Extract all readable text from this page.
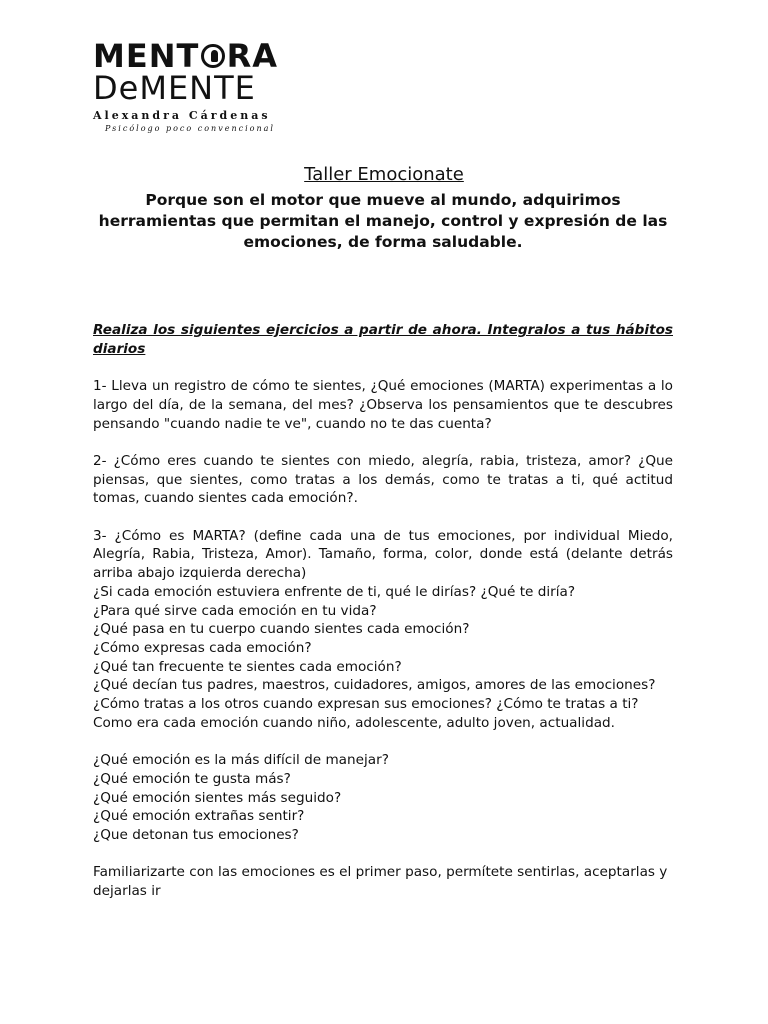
MENT RA
DeMENTE
Alexandra Cárdenas
Psicólogo poco convencional
Taller Emocionate
Porque son el motor que mueve al mundo, adquirimos herramientas que permitan el manejo, control y expresión de las emociones, de forma saludable.

Realiza los siguientes ejercicios a partir de ahora. Integralos a tus hábitos diarios

1- Lleva un registro de cómo te sientes, ¿Qué emociones (MARTA) experimentas a lo largo del día, de la semana, del mes? ¿Observa los pensamientos que te descubres pensando "cuando nadie te ve", cuando no te das cuenta?

2- ¿Cómo eres cuando te sientes con miedo, alegría, rabia, tristeza, amor? ¿Que piensas, que sientes, como tratas a los demás, como te tratas a ti, qué actitud tomas, cuando sientes cada emoción?.

3- ¿Cómo es MARTA? (define cada una de tus emociones, por individual Miedo, Alegría, Rabia, Tristeza, Amor). Tamaño, forma, color, donde está (delante detrás arriba abajo izquierda derecha)

¿Si cada emoción estuviera enfrente de ti, qué le dirías? ¿Qué te diría?

¿Para qué sirve cada emoción en tu vida?

¿Qué pasa en tu cuerpo cuando sientes cada emoción?

¿Cómo expresas cada emoción?

¿Qué tan frecuente te sientes cada emoción?

¿Qué decían tus padres, maestros, cuidadores, amigos, amores de las emociones?

¿Cómo tratas a los otros cuando expresan sus emociones? ¿Cómo te tratas a ti?

Como era cada emoción cuando niño, adolescente, adulto joven, actualidad.

¿Qué emoción es la más difícil de manejar?

¿Qué emoción te gusta más?

¿Qué emoción sientes más seguido?

¿Qué emoción extrañas sentir?

¿Que detonan tus emociones?

Familiarizarte con las emociones es el primer paso, permítete sentirlas, aceptarlas y dejarlas ir
